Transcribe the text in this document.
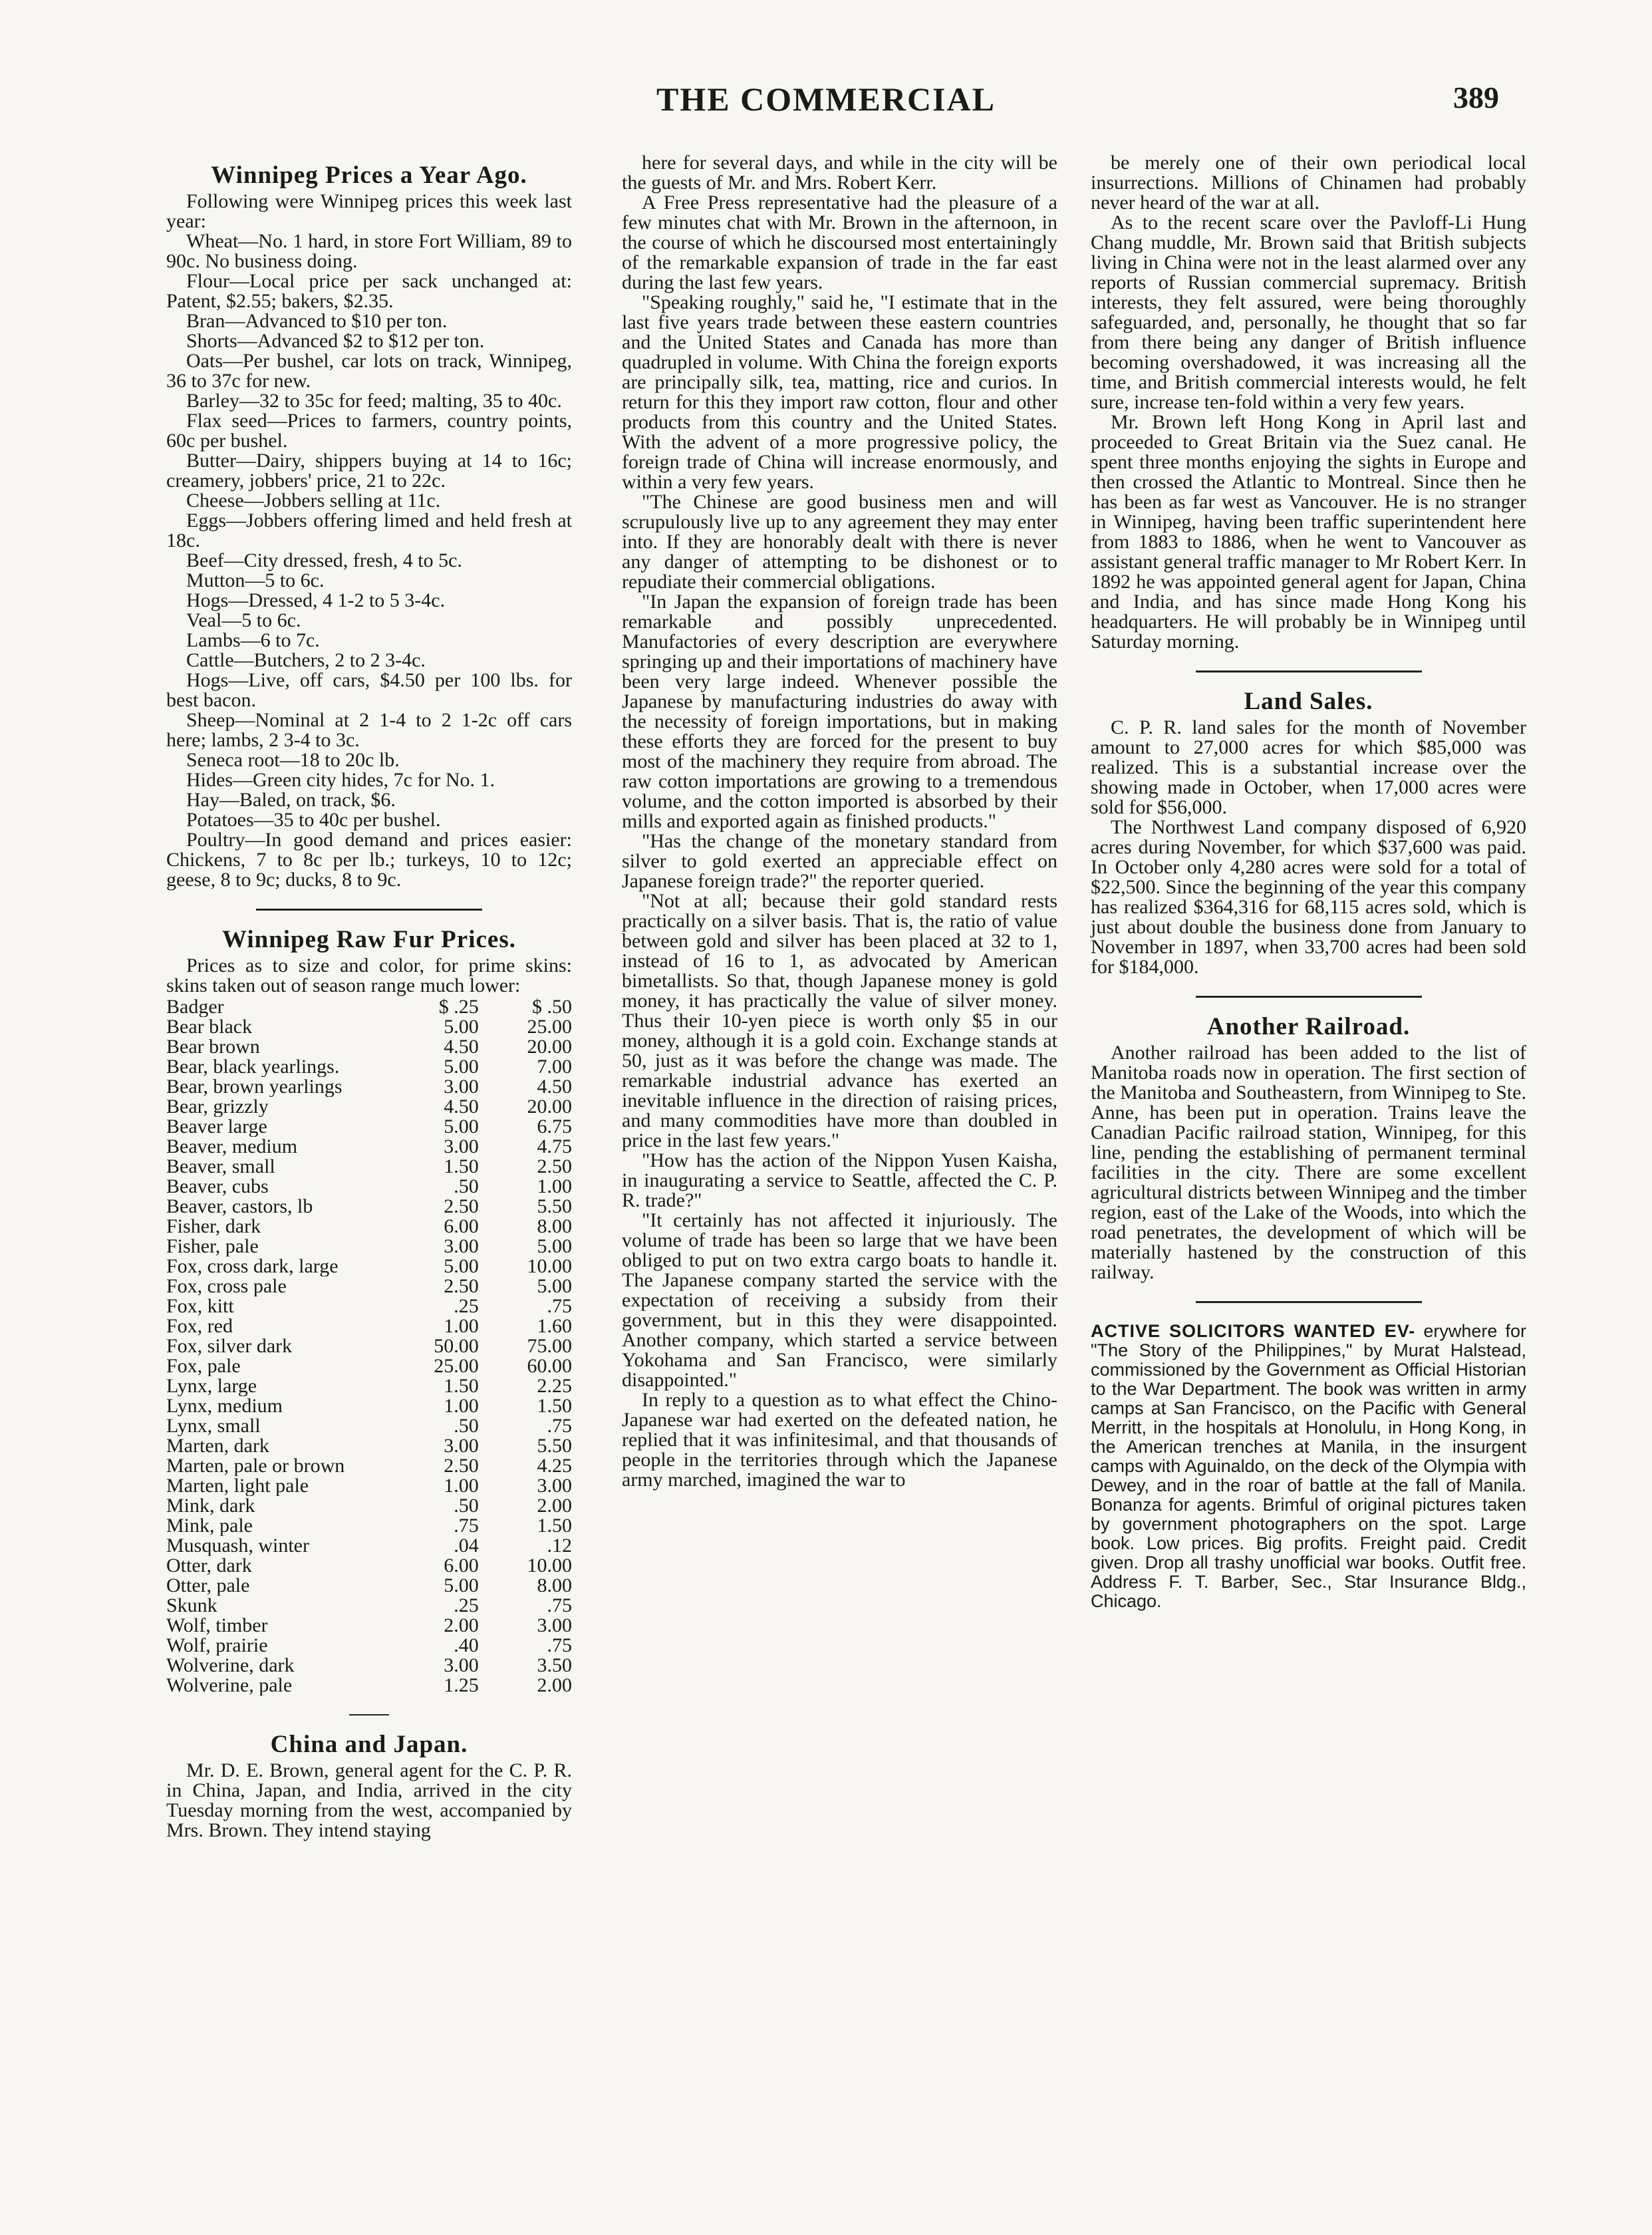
THE COMMERCIAL	389
Winnipeg Prices a Year Ago.

Following were Winnipeg prices this week last year:

Wheat—No. 1 hard, in store Fort William, 89 to 90c. No business doing.

Flour—Local price per sack unchanged at: Patent, $2.55; bakers, $2.35.

Bran—Advanced to $10 per ton.

Shorts—Advanced $2 to $12 per ton.

Oats—Per bushel, car lots on track, Winnipeg, 36 to 37c for new.

Barley—32 to 35c for feed; malting, 35 to 40c.

Flax seed—Prices to farmers, country points, 60c per bushel.

Butter—Dairy, shippers buying at 14 to 16c; creamery, jobbers' price, 21 to 22c.

Cheese—Jobbers selling at 11c.

Eggs—Jobbers offering limed and held fresh at 18c.

Beef—City dressed, fresh, 4 to 5c.

Mutton—5 to 6c.

Hogs—Dressed, 4 1-2 to 5 3-4c.

Veal—5 to 6c.

Lambs—6 to 7c.

Cattle—Butchers, 2 to 2 3-4c.

Hogs—Live, off cars, $4.50 per 100 lbs. for best bacon.

Sheep—Nominal at 2 1-4 to 2 1-2c off cars here; lambs, 2 3-4 to 3c.

Seneca root—18 to 20c lb.

Hides—Green city hides, 7c for No. 1.

Hay—Baled, on track, $6.

Potatoes—35 to 40c per bushel.

Poultry—In good demand and prices easier: Chickens, 7 to 8c per lb.; turkeys, 10 to 12c; geese, 8 to 9c; ducks, 8 to 9c.

Winnipeg Raw Fur Prices.

Prices as to size and color, for prime skins: skins taken out of season range much lower:

Badger	$ .25	$ .50
Bear black	5.00	25.00
Bear brown	4.50	20.00
Bear, black yearlings.	5.00	7.00
Bear, brown yearlings	3.00	4.50
Bear, grizzly	4.50	20.00
Beaver large	5.00	6.75
Beaver, medium	3.00	4.75
Beaver, small	1.50	2.50
Beaver, cubs	.50	1.00
Beaver, castors, lb	2.50	5.50
Fisher, dark	6.00	8.00
Fisher, pale	3.00	5.00
Fox, cross dark, large	5.00	10.00
Fox, cross pale	2.50	5.00
Fox, kitt	.25	.75
Fox, red	1.00	1.60
Fox, silver dark	50.00	75.00
Fox, pale	25.00	60.00
Lynx, large	1.50	2.25
Lynx, medium	1.00	1.50
Lynx, small	.50	.75
Marten, dark	3.00	5.50
Marten, pale or brown	2.50	4.25
Marten, light pale	1.00	3.00
Mink, dark	.50	2.00
Mink, pale	.75	1.50
Musquash, winter	.04	.12
Otter, dark	6.00	10.00
Otter, pale	5.00	8.00
Skunk	.25	.75
Wolf, timber	2.00	3.00
Wolf, prairie	.40	.75
Wolverine, dark	3.00	3.50
Wolverine, pale	1.25	2.00
China and Japan.

Mr. D. E. Brown, general agent for the C. P. R. in China, Japan, and India, arrived in the city Tuesday morning from the west, accompanied by Mrs. Brown. They intend staying

here for several days, and while in the city will be the guests of Mr. and Mrs. Robert Kerr.

A Free Press representative had the pleasure of a few minutes chat with Mr. Brown in the afternoon, in the course of which he discoursed most entertainingly of the remarkable expansion of trade in the far east during the last few years.

"Speaking roughly," said he, "I estimate that in the last five years trade between these eastern countries and the United States and Canada has more than quadrupled in volume. With China the foreign exports are principally silk, tea, matting, rice and curios. In return for this they import raw cotton, flour and other products from this country and the United States. With the advent of a more progressive policy, the foreign trade of China will increase enormously, and within a very few years.

"The Chinese are good business men and will scrupulously live up to any agreement they may enter into. If they are honorably dealt with there is never any danger of attempting to be dishonest or to repudiate their commercial obligations.

"In Japan the expansion of foreign trade has been remarkable and possibly unprecedented. Manufactories of every description are everywhere springing up and their importations of machinery have been very large indeed. Whenever possible the Japanese by manufacturing industries do away with the necessity of foreign importations, but in making these efforts they are forced for the present to buy most of the machinery they require from abroad. The raw cotton importations are growing to a tremendous volume, and the cotton imported is absorbed by their mills and exported again as finished products."

"Has the change of the monetary standard from silver to gold exerted an appreciable effect on Japanese foreign trade?" the reporter queried.

"Not at all; because their gold standard rests practically on a silver basis. That is, the ratio of value between gold and silver has been placed at 32 to 1, instead of 16 to 1, as advocated by American bimetallists. So that, though Japanese money is gold money, it has practically the value of silver money. Thus their 10-yen piece is worth only $5 in our money, although it is a gold coin. Exchange stands at 50, just as it was before the change was made. The remarkable industrial advance has exerted an inevitable influence in the direction of raising prices, and many commodities have more than doubled in price in the last few years."

"How has the action of the Nippon Yusen Kaisha, in inaugurating a service to Seattle, affected the C. P. R. trade?"

"It certainly has not affected it injuriously. The volume of trade has been so large that we have been obliged to put on two extra cargo boats to handle it. The Japanese company started the service with the expectation of receiving a subsidy from their government, but in this they were disappointed. Another company, which started a service between Yokohama and San Francisco, were similarly disappointed."

In reply to a question as to what effect the Chino-Japanese war had exerted on the defeated nation, he replied that it was infinitesimal, and that thousands of people in the territories through which the Japanese army marched, imagined the war to

be merely one of their own periodical local insurrections. Millions of Chinamen had probably never heard of the war at all.

As to the recent scare over the Pavloff-Li Hung Chang muddle, Mr. Brown said that British subjects living in China were not in the least alarmed over any reports of Russian commercial supremacy. British interests, they felt assured, were being thoroughly safeguarded, and, personally, he thought that so far from there being any danger of British influence becoming overshadowed, it was increasing all the time, and British commercial interests would, he felt sure, increase ten-fold within a very few years.

Mr. Brown left Hong Kong in April last and proceeded to Great Britain via the Suez canal. He spent three months enjoying the sights in Europe and then crossed the Atlantic to Montreal. Since then he has been as far west as Vancouver. He is no stranger in Winnipeg, having been traffic superintendent here from 1883 to 1886, when he went to Vancouver as assistant general traffic manager to Mr Robert Kerr. In 1892 he was appointed general agent for Japan, China and India, and has since made Hong Kong his headquarters. He will probably be in Winnipeg until Saturday morning.

Land Sales.

C. P. R. land sales for the month of November amount to 27,000 acres for which $85,000 was realized. This is a substantial increase over the showing made in October, when 17,000 acres were sold for $56,000.

The Northwest Land company disposed of 6,920 acres during November, for which $37,600 was paid. In October only 4,280 acres were sold for a total of $22,500. Since the beginning of the year this company has realized $364,316 for 68,115 acres sold, which is just about double the business done from January to November in 1897, when 33,700 acres had been sold for $184,000.

Another Railroad.

Another railroad has been added to the list of Manitoba roads now in operation. The first section of the Manitoba and Southeastern, from Winnipeg to Ste. Anne, has been put in operation. Trains leave the Canadian Pacific railroad station, Winnipeg, for this line, pending the establishing of permanent terminal facilities in the city. There are some excellent agricultural districts between Winnipeg and the timber region, east of the Lake of the Woods, into which the road penetrates, the development of which will be materially hastened by the construction of this railway.

ACTIVE SOLICITORS WANTED EV- erywhere for "The Story of the Philippines," by Murat Halstead, commissioned by the Government as Official Historian to the War Department. The book was written in army camps at San Francisco, on the Pacific with General Merritt, in the hospitals at Honolulu, in Hong Kong, in the American trenches at Manila, in the insurgent camps with Aguinaldo, on the deck of the Olympia with Dewey, and in the roar of battle at the fall of Manila. Bonanza for agents. Brimful of original pictures taken by government photographers on the spot. Large book. Low prices. Big profits. Freight paid. Credit given. Drop all trashy unofficial war books. Outfit free. Address F. T. Barber, Sec., Star Insurance Bldg., Chicago.
